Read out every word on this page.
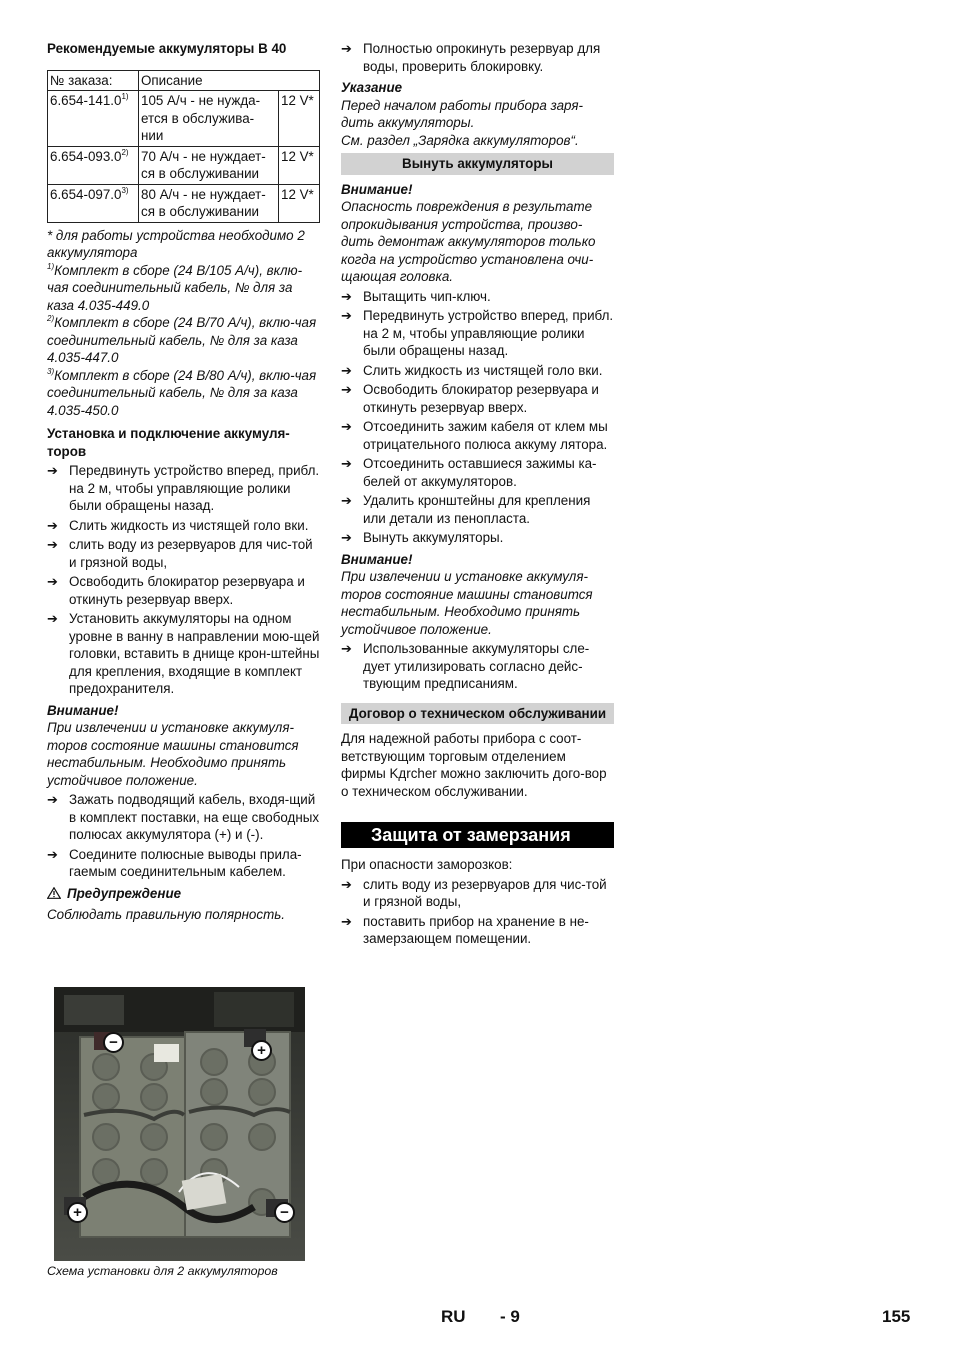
Рекомендуемые аккумуляторы B 40

№ заказа:	Описание	
6.654-141.0$^{1)}$	105 А/ч - не нужда-ется в обслужива-нии	12 V*
6.654-093.0$^{2)}$	70 А/ч - не нуждает-ся в обслуживании	12 V*
6.654-097.0$^{3)}$	80 А/ч - не нуждает-ся в обслуживании	12 V*

* для работы устройства необходимо 2 аккумулятора

$^{1)}$Комплект в сборе (24 В/105 А/ч), вклю-чая соединительный кабель, № для за каза 4.035-449.0

$^{2)}$Комплект в сборе (24 В/70 А/ч), вклю-чая соединительный кабель, № для за каза 4.035-447.0

$^{3)}$Комплект в сборе (24 В/80 А/ч), вклю-чая соединительный кабель, № для за каза 4.035-450.0

Установка и подключение аккумуля-торов

➔ Передвинуть устройство вперед, прибл. на 2 м, чтобы управляющие ролики были обращены назад.
➔ Слить жидкость из чистящей голо вки.
➔ слить воду из резервуаров для чис-той и грязной воды,
➔ Освободить блокиратор резервуара и откинуть резервуар вверх.
➔ Установить аккумуляторы на одном уровне в ванну в направлении мою-щей головки, вставить в днище крон-штейны для крепления, входящие в комплект предохранителя.

Внимание!

При извлечении и установке аккумуля-торов состояние машины становится нестабильным. Необходимо принять устойчивое положение.

➔ Зажать подводящий кабель, входя-щий в комплект поставки, на еще свободных полюсах аккумулятора (+) и (-).
➔ Соедините полюсные выводы прила-гаемым соединительным кабелем.

Предупреждение

Соблюдать правильную полярность.

−	+
+	−
Схема установки для 2 аккумуляторов
➔ Полностью опрокинуть резервуар для воды, проверить блокировку.

Указание

Перед началом работы прибора заря-дить аккумуляторы.

См. раздел „Зарядка аккумуляторов“.

Вынуть аккумуляторы

Внимание!

Опасность повреждения в результате опрокидывания устройства, произво-дить демонтаж аккумуляторов только когда на устройство установлена очи-щающая головка.

➔ Вытащить чип-ключ.
➔ Передвинуть устройство вперед, прибл. на 2 м, чтобы управляющие ролики были обращены назад.
➔ Слить жидкость из чистящей голо вки.
➔ Освободить блокиратор резервуара и откинуть резервуар вверх.
➔ Отсоединить зажим кабеля от клем мы отрицательного полюса аккуму лятора.
➔ Отсоединить оставшиеся зажимы ка-белей от аккумуляторов.
➔ Удалить кронштейны для крепления или детали из пенопласта.
➔ Вынуть аккумуляторы.

Внимание!

При извлечении и установке аккумуля-торов состояние машины становится нестабильным. Необходимо принять устойчивое положение.

➔ Использованные аккумуляторы сле-дует утилизировать согласно дейс-твующим предписаниям.
Договор о техническом обслуживании

Для надежной работы прибора с соот-ветствующим торговым отделением фирмы Kдrcher можно заключить дого-вор о техническом обслуживании.

Защита от замерзания

При опасности заморозков:

➔ слить воду из резервуаров для чис-той и грязной воды,
➔ поставить прибор на хранение в не-замерзающем помещении.
RU - 9	155
